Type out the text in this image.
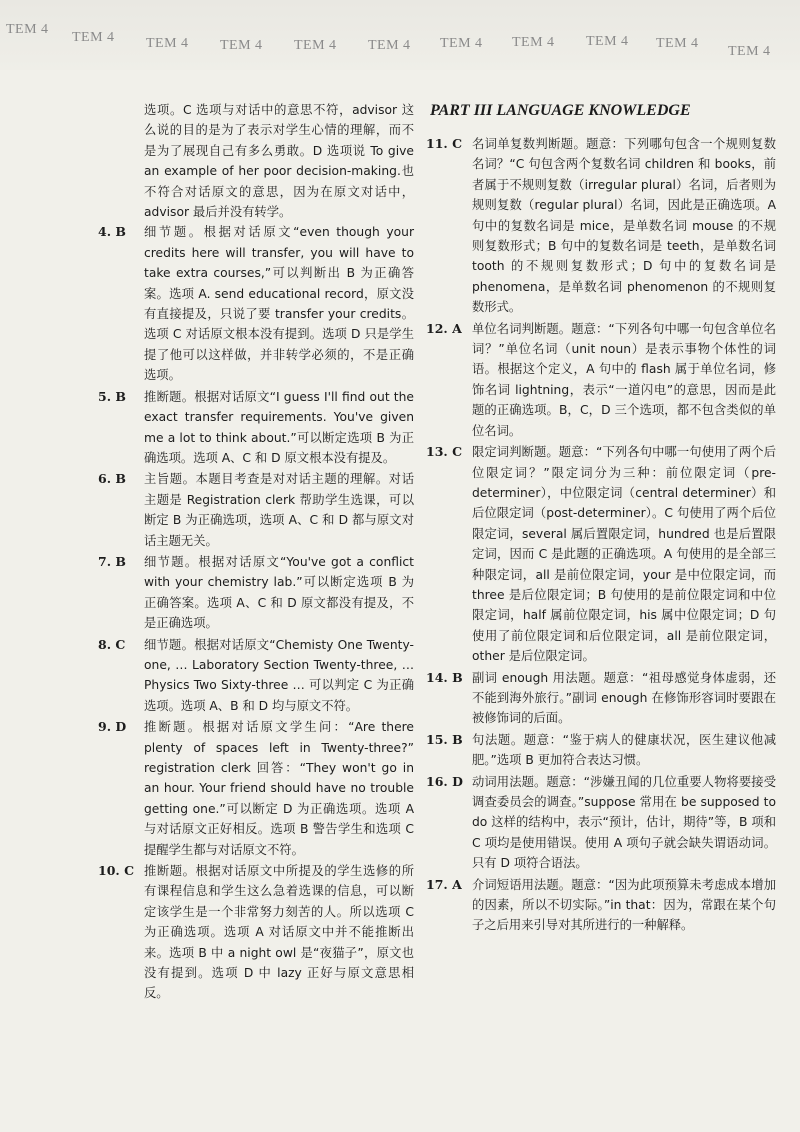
TEM 4
TEM 4 TEM 4 TEM 4 TEM 4 TEM 4 TEM 4 TEM 4 TEM 4 TEM 4
TEM 4

选项。C 选项与对话中的意思不符，advisor 这么说的目的是为了表示对学生心情的理解，而不是为了展现自己有多么勇敢。D 选项说 To give an example of her poor decision-making.也不符合对话原文的意思，因为在原文对话中，advisor 最后并没有转学。

4. B 细节题。根据对话原文“even though your credits here will transfer, you will have to take extra courses,”可以判断出 B 为正确答案。选项 A. send educational record，原文没有直接提及，只说了要 transfer your credits。选项 C 对话原文根本没有提到。选项 D 只是学生提了他可以这样做，并非转学必须的，不是正确选项。
5. B 推断题。根据对话原文“I guess I'll find out the exact transfer requirements. You've given me a lot to think about.”可以断定选项 B 为正确选项。选项 A、C 和 D 原文根本没有提及。
6. B 主旨题。本题目考查是对对话主题的理解。对话主题是 Registration clerk 帮助学生选课，可以断定 B 为正确选项，选项 A、C 和 D 都与原文对话主题无关。
7. B 细节题。根据对话原文“You've got a conflict with your chemistry lab.”可以断定选项 B 为正确答案。选项 A、C 和 D 原文都没有提及，不是正确选项。
8. C 细节题。根据对话原文“Chemisty One Twenty-one, … Laboratory Section Twenty-three, … Physics Two Sixty-three … 可以判定 C 为正确选项。选项 A、B 和 D 均与原文不符。
9. D 推断题。根据对话原文学生问：“Are there plenty of spaces left in Twenty-three?” registration clerk 回答：“They won't go in an hour. Your friend should have no trouble getting one.”可以断定 D 为正确选项。选项 A 与对话原文正好相反。选项 B 警告学生和选项 C 提醒学生都与对话原文不符。
10. C 推断题。根据对话原文中所提及的学生选修的所有课程信息和学生这么急着选课的信息，可以断定该学生是一个非常努力刻苦的人。所以选项 C 为正确选项。选项 A 对话原文中并不能推断出来。选项 B 中 a night owl 是“夜猫子”，原文也没有提到。选项 D 中 lazy 正好与原文意思相反。
PART III LANGUAGE KNOWLEDGE
11. C 名词单复数判断题。题意：下列哪句包含一个规则复数名词？“C 句包含两个复数名词 children 和 books，前者属于不规则复数（irregular plural）名词，后者则为规则复数（regular plural）名词，因此是正确选项。A 句中的复数名词是 mice，是单数名词 mouse 的不规则复数形式；B 句中的复数名词是 teeth，是单数名词 tooth 的不规则复数形式；D 句中的复数名词是 phenomena，是单数名词 phenomenon 的不规则复数形式。
12. A 单位名词判断题。题意：“下列各句中哪一句包含单位名词？”单位名词（unit noun）是表示事物个体性的词语。根据这个定义，A 句中的 flash 属于单位名词，修饰名词 lightning，表示“一道闪电”的意思，因而是此题的正确选项。B，C，D 三个选项，都不包含类似的单位名词。
13. C 限定词判断题。题意：“下列各句中哪一句使用了两个后位限定词？”限定词分为三种：前位限定词（pre-determiner），中位限定词（central determiner）和后位限定词（post-determiner）。C 句使用了两个后位限定词，several 属后置限定词，hundred 也是后置限定词，因而 C 是此题的正确选项。A 句使用的是全部三种限定词，all 是前位限定词，your 是中位限定词，而 three 是后位限定词；B 句使用的是前位限定词和中位限定词，half 属前位限定词，his 属中位限定词；D 句使用了前位限定词和后位限定词，all 是前位限定词，other 是后位限定词。
14. B 副词 enough 用法题。题意：“祖母感觉身体虚弱，还不能到海外旅行。”副词 enough 在修饰形容词时要跟在被修饰词的后面。
15. B 句法题。题意：“鉴于病人的健康状况，医生建议他减肥。”选项 B 更加符合表达习惯。
16. D 动词用法题。题意：“涉嫌丑闻的几位重要人物将要接受调查委员会的调查。”suppose 常用在 be supposed to do 这样的结构中，表示“预计，估计，期待”等，B 项和 C 项均是使用错误。使用 A 项句子就会缺失谓语动词。只有 D 项符合语法。
17. A 介词短语用法题。题意：“因为此项预算未考虑成本增加的因素，所以不切实际。”in that：因为，常跟在某个句子之后用来引导对其所进行的一种解释。
